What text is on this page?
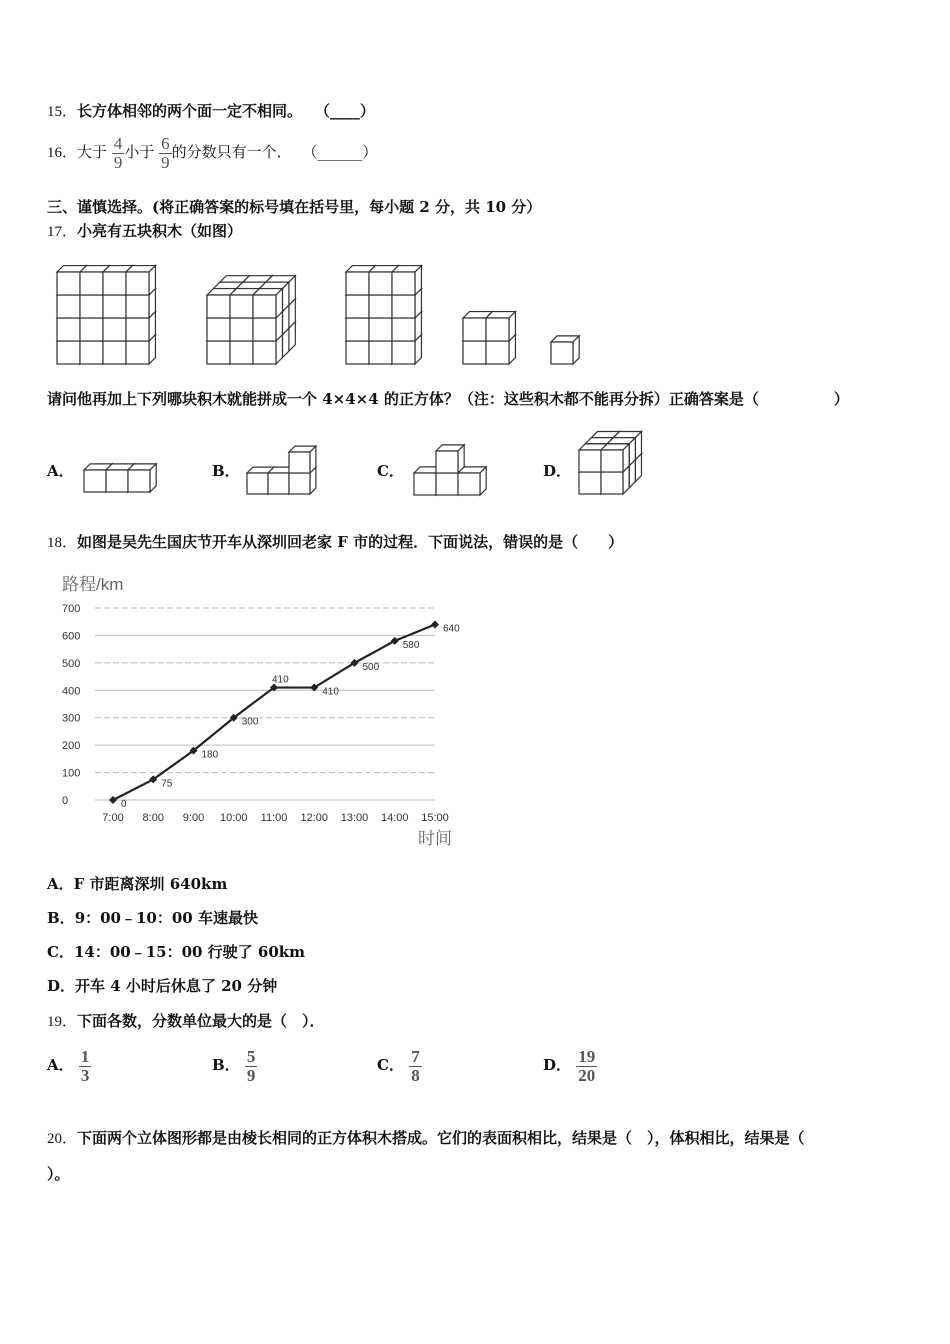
15．长方体相邻的两个面一定不相同。 （____）
16．大于 $\frac{4}{9}$ 小于 $\frac{6}{9}$ 的分数只有一个． （______）
三、谨慎选择。(将正确答案的标号填在括号里，每小题 2 分，共 10 分）
17．小亮有五块积木（如图）
请问他再加上下列哪块积木就能拼成一个 4×4×4 的正方体？（注：这些积木都不能再分拆）正确答案是（　　　　　）
A．	B．	C．	D．
18．如图是吴先生国庆节开车从深圳回老家 F 市的过程．下面说法，错误的是（　　）
路程/km
0
100
200
300
400
500
600
700
7:00 8:00 9:00 10:00 11:00 12:00 13:00 14:00 15:00
时间
0
75
180
300
410
410
500
580
640
A．F 市距离深圳 640km
B．9：00﹣10：00 车速最快
C．14：00﹣15：00 行驶了 60km
D．开车 4 小时后休息了 20 分钟
19．下面各数，分数单位最大的是（　）．
A． $\frac{1}{3}$	B． $\frac{5}{9}$	C． $\frac{7}{8}$	D． $\frac{19}{20}$
20．下面两个立体图形都是由棱长相同的正方体积木搭成。它们的表面积相比，结果是（　），体积相比，结果是（
）。
